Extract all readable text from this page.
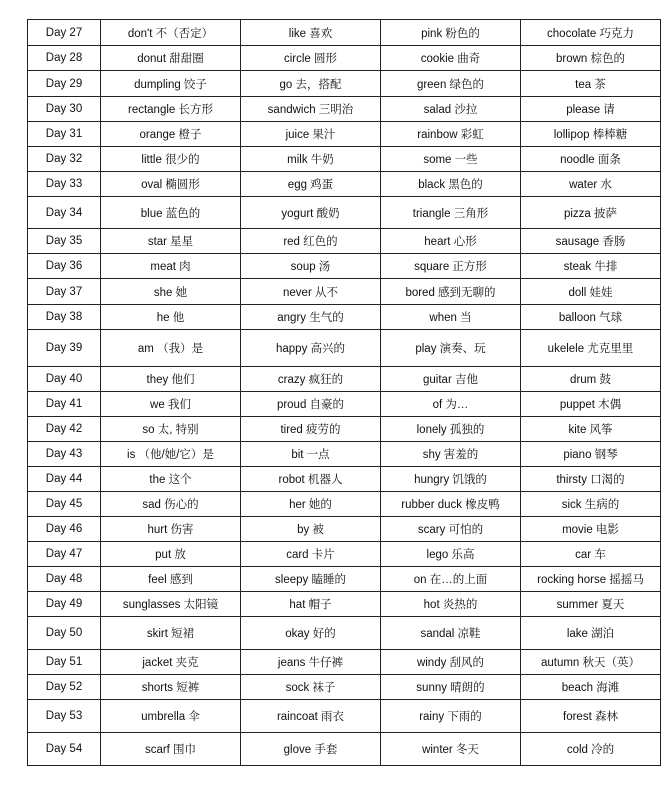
Day 27	don't 不（否定）	like 喜欢	pink 粉色的	chocolate 巧克力
Day 28	donut 甜甜圈	circle 圆形	cookie 曲奇	brown 棕色的
Day 29	dumpling 饺子	go 去，搭配	green 绿色的	tea 茶
Day 30	rectangle 长方形	sandwich 三明治	salad 沙拉	please 请
Day 31	orange 橙子	juice 果汁	rainbow 彩虹	lollipop 棒棒糖
Day 32	little 很少的	milk 牛奶	some 一些	noodle 面条
Day 33	oval 椭圆形	egg 鸡蛋	black 黑色的	water 水
Day 34	blue 蓝色的	yogurt 酸奶	triangle 三角形	pizza 披萨
Day 35	star 星星	red 红色的	heart 心形	sausage 香肠
Day 36	meat 肉	soup 汤	square 正方形	steak 牛排
Day 37	she 她	never 从不	bored 感到无聊的	doll 娃娃
Day 38	he 他	angry 生气的	when 当	balloon 气球
Day 39	am （我）是	happy 高兴的	play 演奏、玩	ukelele 尤克里里
Day 40	they 他们	crazy 疯狂的	guitar 吉他	drum 鼓
Day 41	we 我们	proud 自豪的	of 为…	puppet 木偶
Day 42	so 太, 特别	tired 疲劳的	lonely 孤独的	kite 风筝
Day 43	is （他/她/它）是	bit 一点	shy 害羞的	piano 钢琴
Day 44	the 这个	robot 机器人	hungry 饥饿的	thirsty 口渴的
Day 45	sad 伤心的	her 她的	rubber duck 橡皮鸭	sick 生病的
Day 46	hurt 伤害	by 被	scary 可怕的	movie 电影
Day 47	put 放	card 卡片	lego 乐高	car 车
Day 48	feel 感到	sleepy 瞌睡的	on 在…的上面	rocking horse 摇摇马
Day 49	sunglasses 太阳镜	hat 帽子	hot 炎热的	summer 夏天
Day 50	skirt 短裙	okay 好的	sandal 凉鞋	lake 湖泊
Day 51	jacket 夹克	jeans 牛仔裤	windy 刮风的	autumn 秋天（英）
Day 52	shorts 短裤	sock 袜子	sunny 晴朗的	beach 海滩
Day 53	umbrella 伞	raincoat 雨衣	rainy 下雨的	forest 森林
Day 54	scarf 围巾	glove 手套	winter 冬天	cold 冷的
